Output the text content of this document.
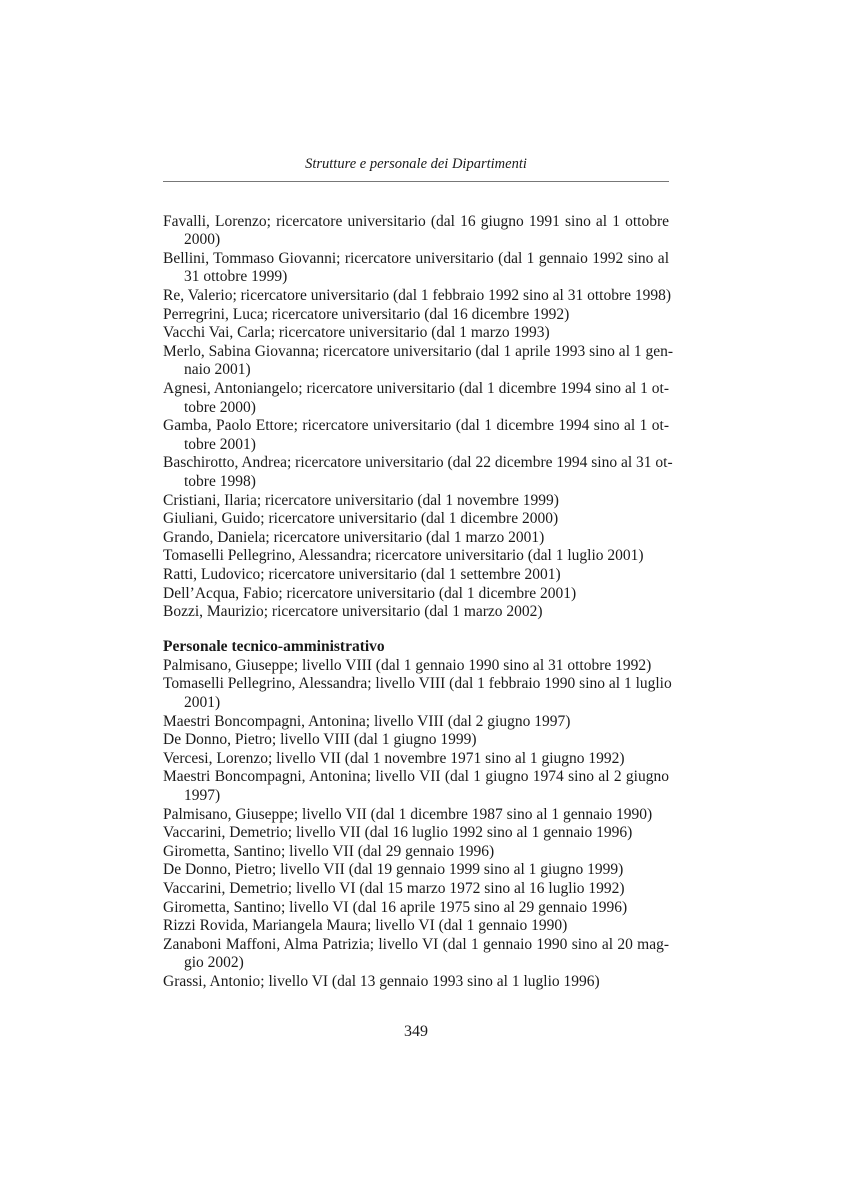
Strutture e personale dei Dipartimenti
Favalli, Lorenzo; ricercatore universitario (dal 16 giugno 1991 sino al 1 ottobre
2000)
Bellini, Tommaso Giovanni; ricercatore universitario (dal 1 gennaio 1992 sino al
31 ottobre 1999)
Re, Valerio; ricercatore universitario (dal 1 febbraio 1992 sino al 31 ottobre 1998)
Perregrini, Luca; ricercatore universitario (dal 16 dicembre 1992)
Vacchi Vai, Carla; ricercatore universitario (dal 1 marzo 1993)
Merlo, Sabina Giovanna; ricercatore universitario (dal 1 aprile 1993 sino al 1 gen-
naio 2001)
Agnesi, Antoniangelo; ricercatore universitario (dal 1 dicembre 1994 sino al 1 ot-
tobre 2000)
Gamba, Paolo Ettore; ricercatore universitario (dal 1 dicembre 1994 sino al 1 ot-
tobre 2001)
Baschirotto, Andrea; ricercatore universitario (dal 22 dicembre 1994 sino al 31 ot-
tobre 1998)
Cristiani, Ilaria; ricercatore universitario (dal 1 novembre 1999)
Giuliani, Guido; ricercatore universitario (dal 1 dicembre 2000)
Grando, Daniela; ricercatore universitario (dal 1 marzo 2001)
Tomaselli Pellegrino, Alessandra; ricercatore universitario (dal 1 luglio 2001)
Ratti, Ludovico; ricercatore universitario (dal 1 settembre 2001)
Dell’Acqua, Fabio; ricercatore universitario (dal 1 dicembre 2001)
Bozzi, Maurizio; ricercatore universitario (dal 1 marzo 2002)
Personale tecnico-amministrativo
Palmisano, Giuseppe; livello VIII (dal 1 gennaio 1990 sino al 31 ottobre 1992)
Tomaselli Pellegrino, Alessandra; livello VIII (dal 1 febbraio 1990 sino al 1 luglio
2001)
Maestri Boncompagni, Antonina; livello VIII (dal 2 giugno 1997)
De Donno, Pietro; livello VIII (dal 1 giugno 1999)
Vercesi, Lorenzo; livello VII (dal 1 novembre 1971 sino al 1 giugno 1992)
Maestri Boncompagni, Antonina; livello VII (dal 1 giugno 1974 sino al 2 giugno
1997)
Palmisano, Giuseppe; livello VII (dal 1 dicembre 1987 sino al 1 gennaio 1990)
Vaccarini, Demetrio; livello VII (dal 16 luglio 1992 sino al 1 gennaio 1996)
Girometta, Santino; livello VII (dal 29 gennaio 1996)
De Donno, Pietro; livello VII (dal 19 gennaio 1999 sino al 1 giugno 1999)
Vaccarini, Demetrio; livello VI (dal 15 marzo 1972 sino al 16 luglio 1992)
Girometta, Santino; livello VI (dal 16 aprile 1975 sino al 29 gennaio 1996)
Rizzi Rovida, Mariangela Maura; livello VI (dal 1 gennaio 1990)
Zanaboni Maffoni, Alma Patrizia; livello VI (dal 1 gennaio 1990 sino al 20 mag-
gio 2002)
Grassi, Antonio; livello VI (dal 13 gennaio 1993 sino al 1 luglio 1996)
349
